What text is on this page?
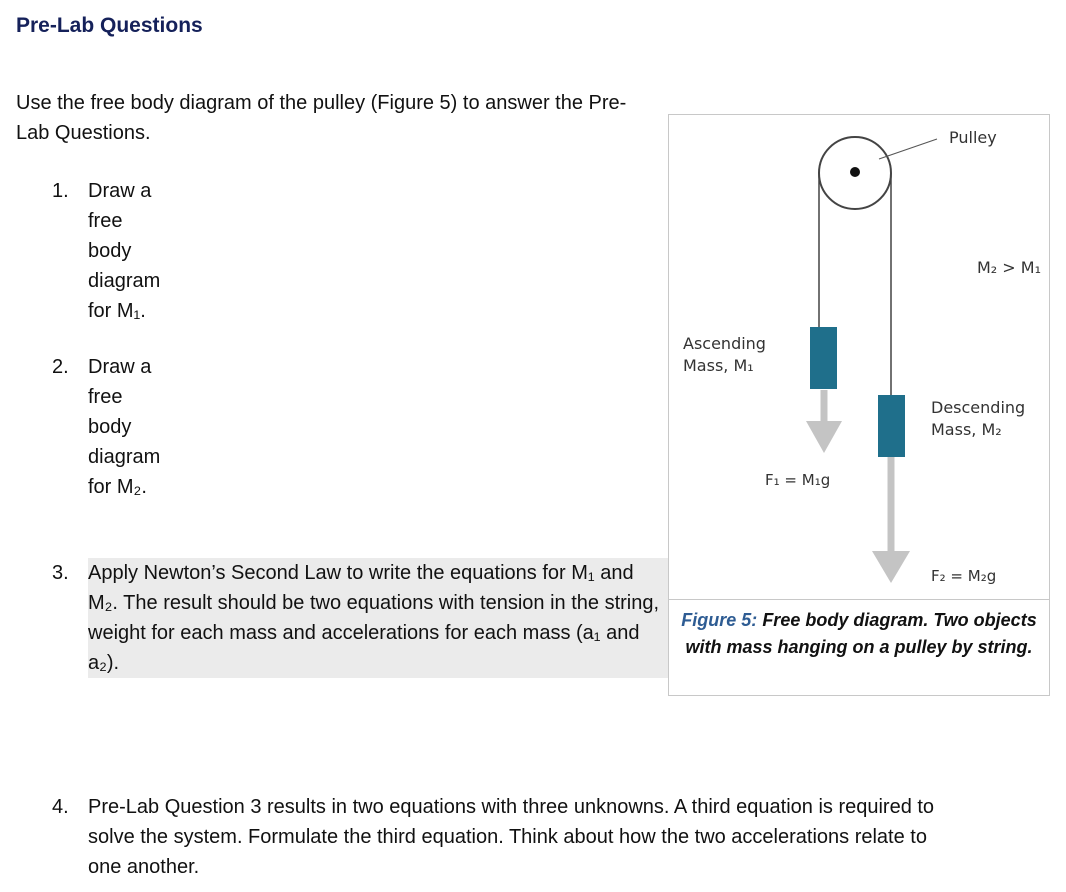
Pre-Lab Questions

Use the free body diagram of the pulley (Figure 5) to answer the Pre-Lab Questions.

1. Draw a free body diagram for M₁.
2. Draw a free body diagram for M₂.
3. Apply Newton’s Second Law to write the equations for M₁ and M₂. The result should be two equations with tension in the string, weight for each mass and accelerations for each mass (a₁ and a₂).
4. Pre-Lab Question 3 results in two equations with three unknowns. A third equation is required to solve the system. Formulate the third equation. Think about how the two accelerations relate to one another.
Pulley
M₂ > M₁
Ascending
Mass, M₁
F₁ = M₁g
Descending
Mass, M₂
F₂ = M₂g

Figure 5: Free body diagram. Two objects with mass hanging on a pulley by string.
